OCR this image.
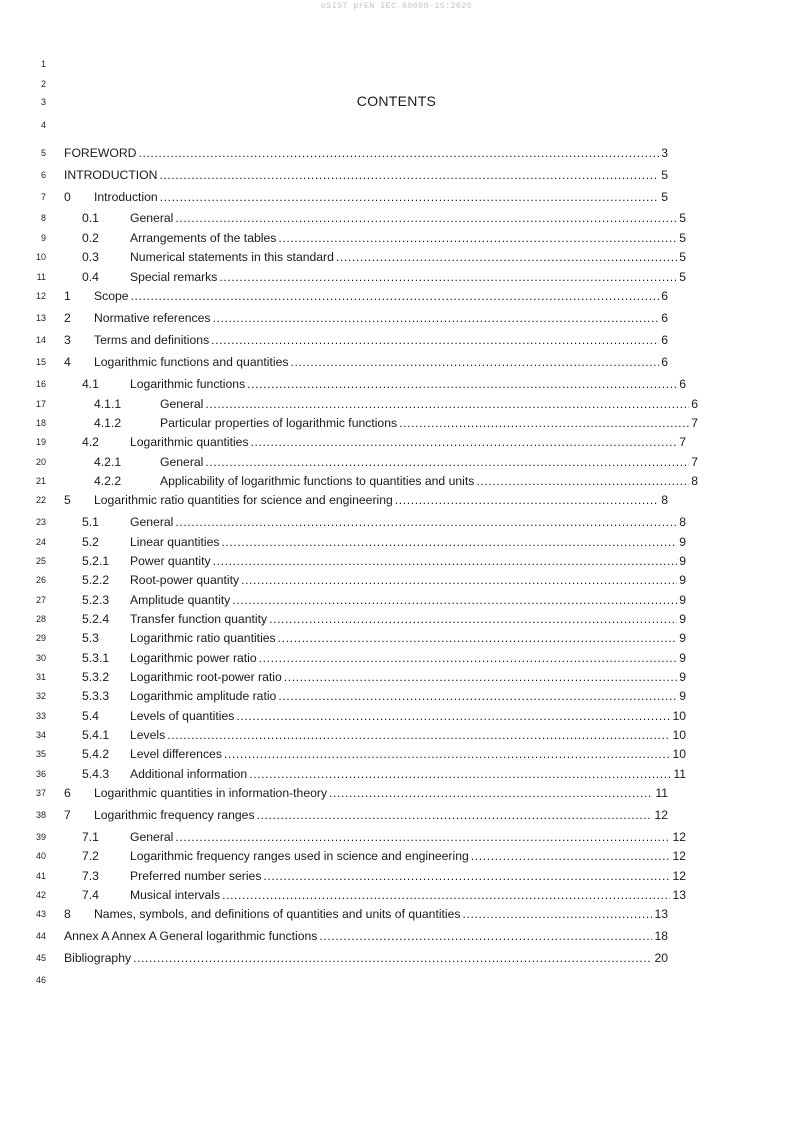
oSIST prEN IEC 80000-15:2026
1
2
3
4
5
6
7
8
9
10
11
12
13
14
15
16
17
18
19
20
21
22
23
24
25
26
27
28
29
30
31
32
33
34
35
36
37
38
39
40
41
42
43
44
45
46
CONTENTS
FOREWORD .....	3
INTRODUCTION .....	5
0	Introduction .....	5
0.1	General .....	5
0.2	Arrangements of the tables .....	5
0.3	Numerical statements in this standard .....	5
0.4	Special remarks .....	5
1	Scope .....	6
2	Normative references .....	6
3	Terms and definitions .....	6
4	Logarithmic functions and quantities .....	6
4.1	Logarithmic functions .....	6
4.1.1	General .....	6
4.1.2	Particular properties of logarithmic functions .....	7
4.2	Logarithmic quantities .....	7
4.2.1	General .....	7
4.2.2	Applicability of logarithmic functions to quantities and units .....	8
5	Logarithmic ratio quantities for science and engineering .....	8
5.1	General .....	8
5.2	Linear quantities .....	9
5.2.1	Power quantity .....	9
5.2.2	Root-power quantity .....	9
5.2.3	Amplitude quantity .....	9
5.2.4	Transfer function quantity .....	9
5.3	Logarithmic ratio quantities .....	9
5.3.1	Logarithmic power ratio .....	9
5.3.2	Logarithmic root-power ratio .....	9
5.3.3	Logarithmic amplitude ratio .....	9
5.4	Levels of quantities .....	10
5.4.1	Levels .....	10
5.4.2	Level differences .....	10
5.4.3	Additional information .....	11
6	Logarithmic quantities in information-theory .....	11
7	Logarithmic frequency ranges .....	12
7.1	General .....	12
7.2	Logarithmic frequency ranges used in science and engineering .....	12
7.3	Preferred number series .....	12
7.4	Musical intervals .....	13
8	Names, symbols, and definitions of quantities and units of quantities .....	13
Annex A Annex A General logarithmic functions .....	18
Bibliography .....	20
